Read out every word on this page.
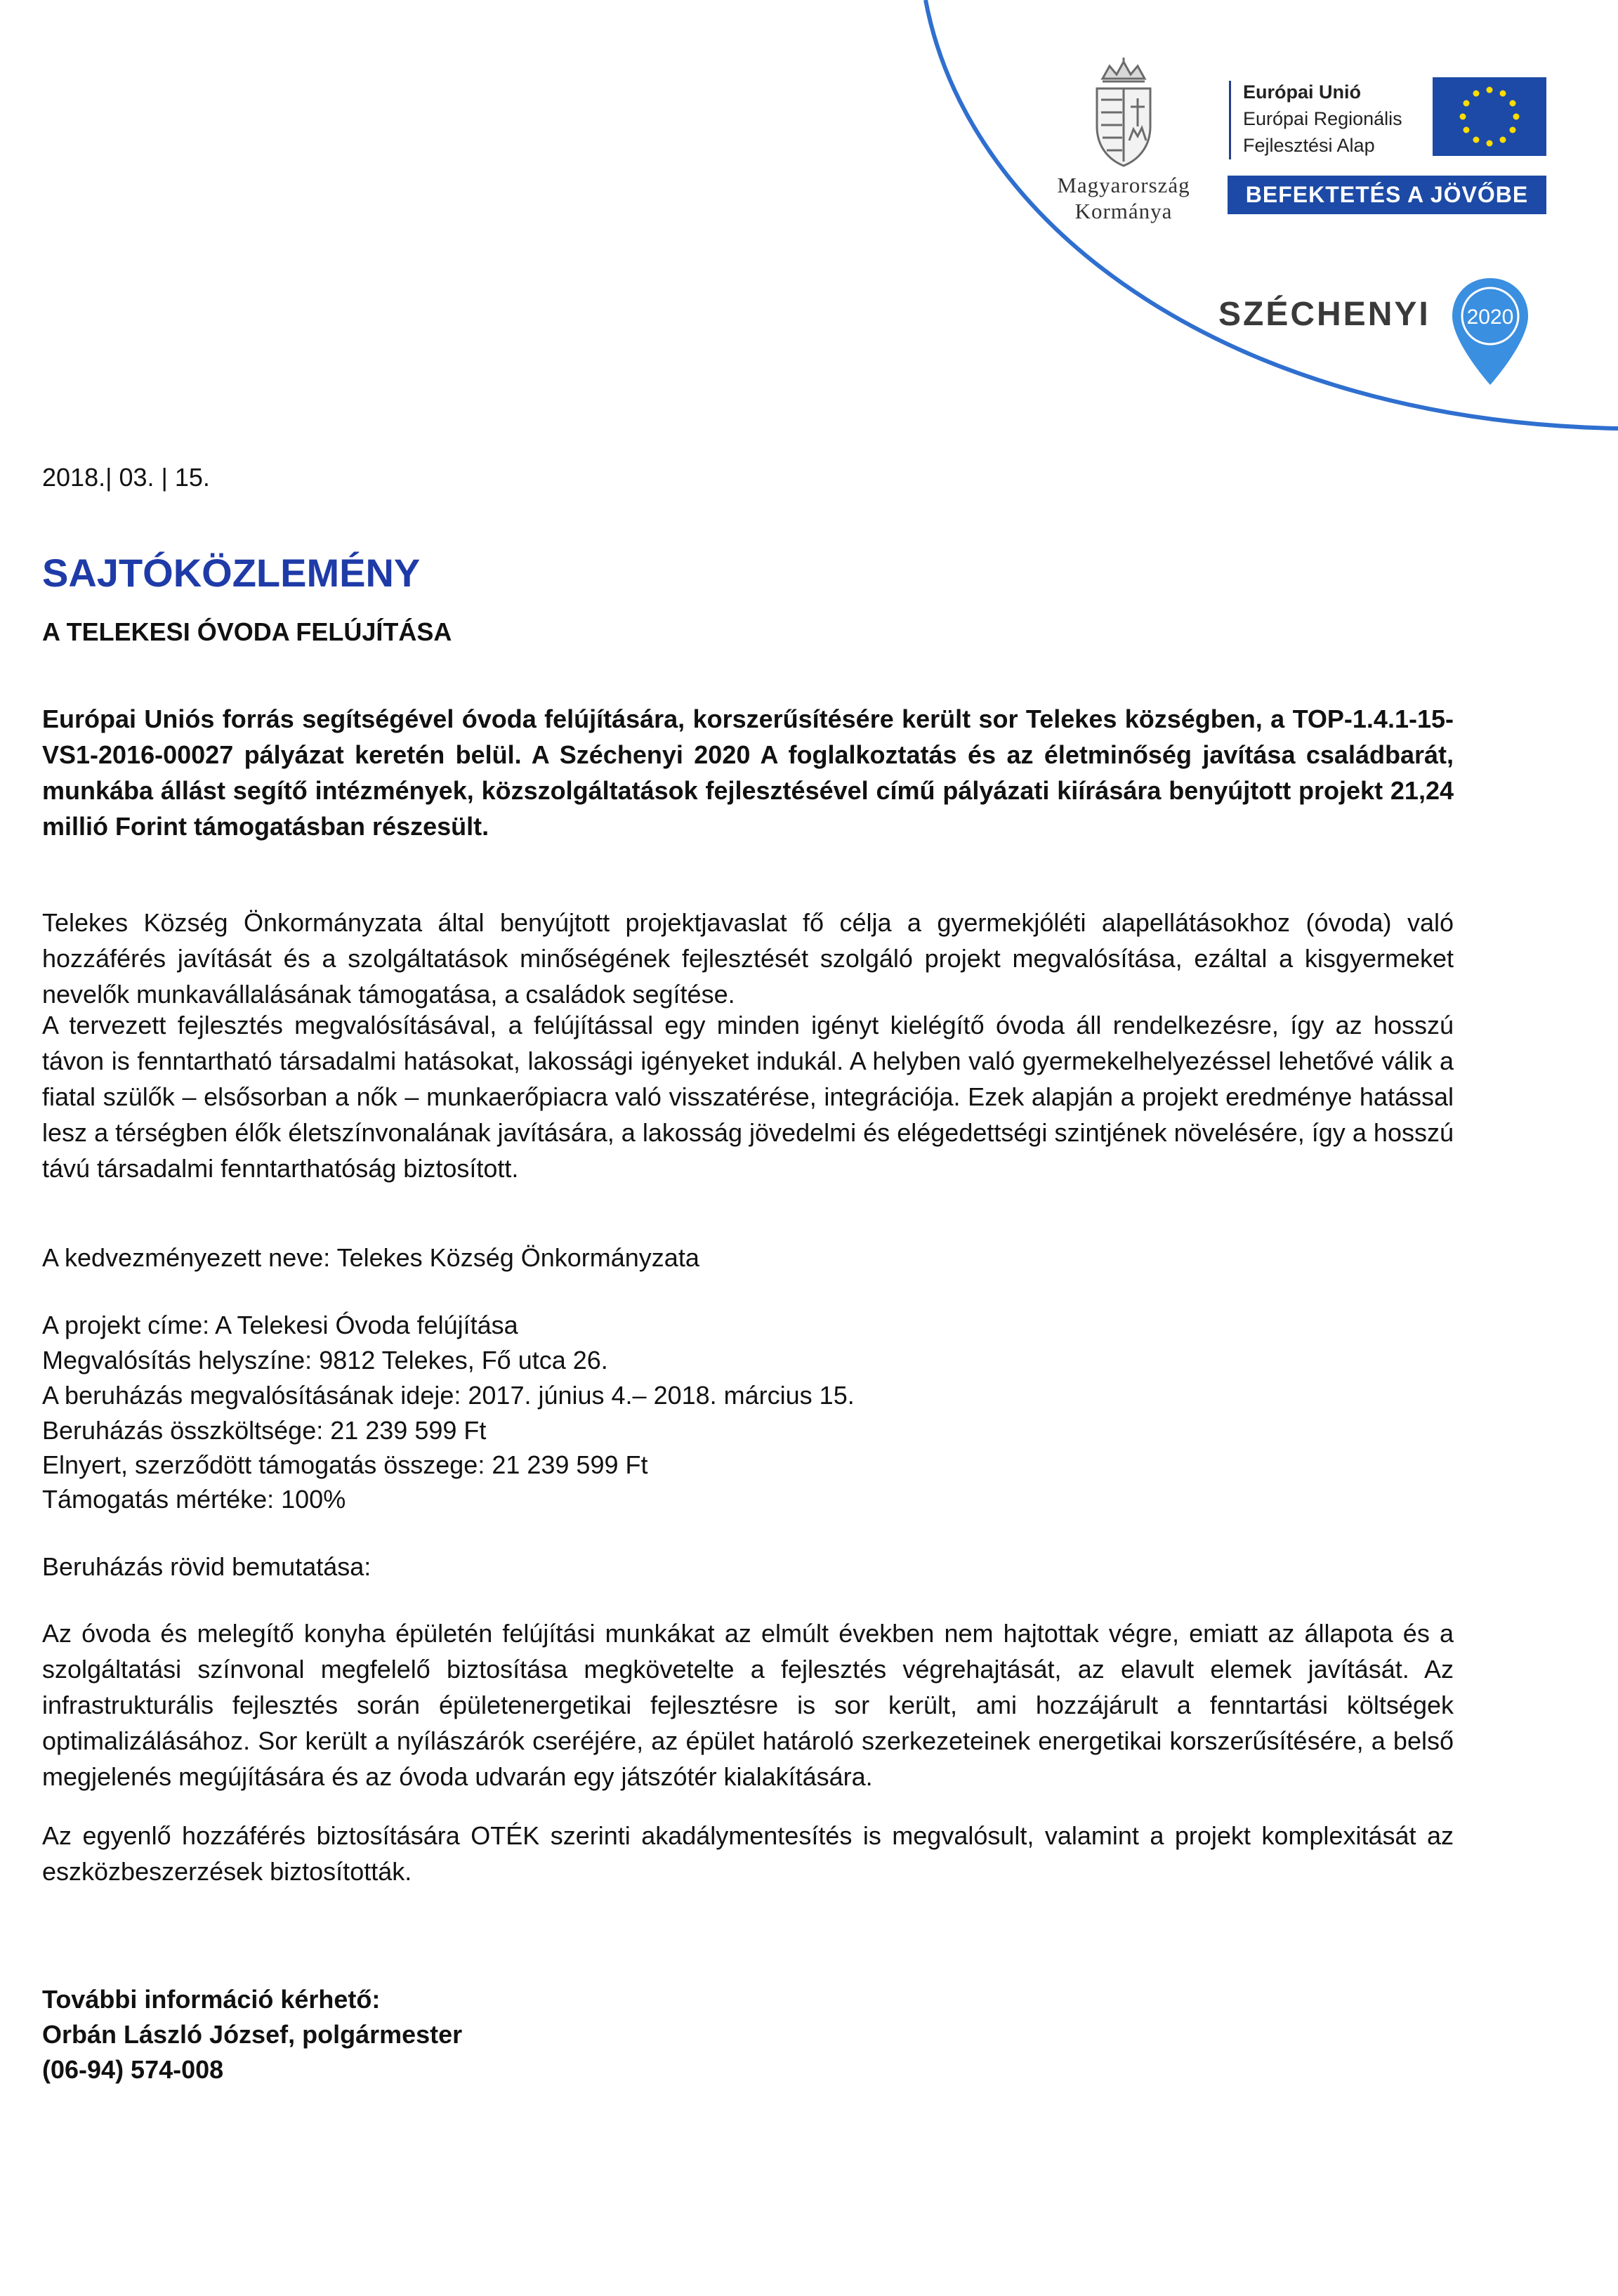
Magyarország
Kormánya
Európai Unió
Európai Regionális
Fejlesztési Alap
BEFEKTETÉS A JÖVŐBE
SZÉCHENYI 2020
2018.| 03. | 15.
SAJTÓKÖZLEMÉNY
A TELEKESI ÓVODA FELÚJÍTÁSA

Európai Uniós forrás segítségével óvoda felújítására, korszerűsítésére került sor Telekes községben, a TOP-1.4.1-15-VS1-2016-00027 pályázat keretén belül. A Széchenyi 2020 A foglalkoztatás és az életminőség javítása családbarát, munkába állást segítő intézmények, közszolgáltatások fejlesztésével című pályázati kiírására benyújtott projekt 21,24 millió Forint támogatásban részesült.

Telekes Község Önkormányzata által benyújtott projektjavaslat fő célja a gyermekjóléti alapellátásokhoz (óvoda) való hozzáférés javítását és a szolgáltatások minőségének fejlesztését szolgáló projekt megvalósítása, ezáltal a kisgyermeket nevelők munkavállalásának támogatása, a családok segítése.

A tervezett fejlesztés megvalósításával, a felújítással egy minden igényt kielégítő óvoda áll rendelkezésre, így az hosszú távon is fenntartható társadalmi hatásokat, lakossági igényeket indukál. A helyben való gyermekelhelyezéssel lehetővé válik a fiatal szülők – elsősorban a nők – munkaerőpiacra való visszatérése, integrációja. Ezek alapján a projekt eredménye hatással lesz a térségben élők életszínvonalának javítására, a lakosság jövedelmi és elégedettségi szintjének növelésére, így a hosszú távú társadalmi fenntarthatóság biztosított.

A kedvezményezett neve: Telekes Község Önkormányzata

A projekt címe: A Telekesi Óvoda felújítása

Megvalósítás helyszíne: 9812 Telekes, Fő utca 26.

A beruházás megvalósításának ideje: 2017. június 4.– 2018. március 15.

Beruházás összköltsége: 21 239 599 Ft

Elnyert, szerződött támogatás összege: 21 239 599 Ft

Támogatás mértéke: 100%

Beruházás rövid bemutatása:

Az óvoda és melegítő konyha épületén felújítási munkákat az elmúlt években nem hajtottak végre, emiatt az állapota és a szolgáltatási színvonal megfelelő biztosítása megkövetelte a fejlesztés végrehajtását, az elavult elemek javítását. Az infrastrukturális fejlesztés során épületenergetikai fejlesztésre is sor került, ami hozzájárult a fenntartási költségek optimalizálásához. Sor került a nyílászárók cseréjére, az épület határoló szerkezeteinek energetikai korszerűsítésére, a belső megjelenés megújítására és az óvoda udvarán egy játszótér kialakítására.

Az egyenlő hozzáférés biztosítására OTÉK szerinti akadálymentesítés is megvalósult, valamint a projekt komplexitását az eszközbeszerzések biztosították.

További információ kérhető:
Orbán László József, polgármester
(06-94) 574-008
